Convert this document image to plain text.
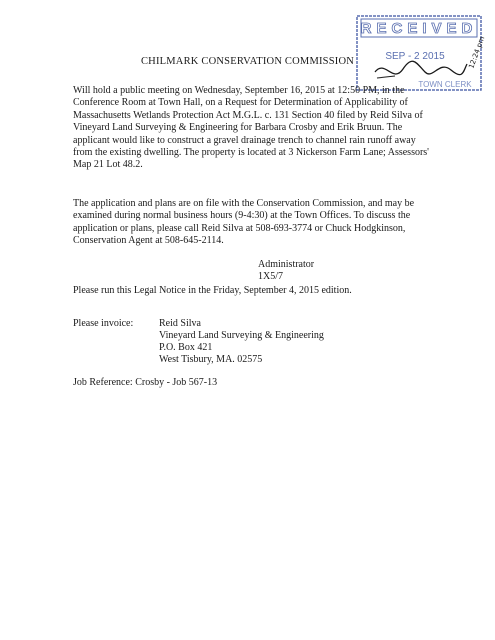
RECEIVED
SEP - 2 2015
TOWN CLERK
12:24 pm
CHILMARK CONSERVATION COMMISSION
Will hold a public meeting on Wednesday, September 16, 2015 at 12:50 PM, in the Conference Room at Town Hall, on a Request for Determination of Applicability of Massachusetts Wetlands Protection Act M.G.L. c. 131 Section 40 filed by Reid Silva of Vineyard Land Surveying & Engineering for Barbara Crosby and Erik Bruun. The applicant would like to construct a gravel drainage trench to channel rain runoff away from the existing dwelling. The property is located at 3 Nickerson Farm Lane; Assessors' Map 21 Lot 48.2.
The application and plans are on file with the Conservation Commission, and may be examined during normal business hours (9-4:30) at the Town Offices. To discuss the application or plans, please call Reid Silva at 508-693-3774 or Chuck Hodgkinson, Conservation Agent at 508-645-2114.
Administrator
1X5/7
Please run this Legal Notice in the Friday, September 4, 2015 edition.
Please invoice:	Reid Silva
Vineyard Land Surveying & Engineering
P.O. Box 421
West Tisbury, MA. 02575
Job Reference: Crosby - Job 567-13
